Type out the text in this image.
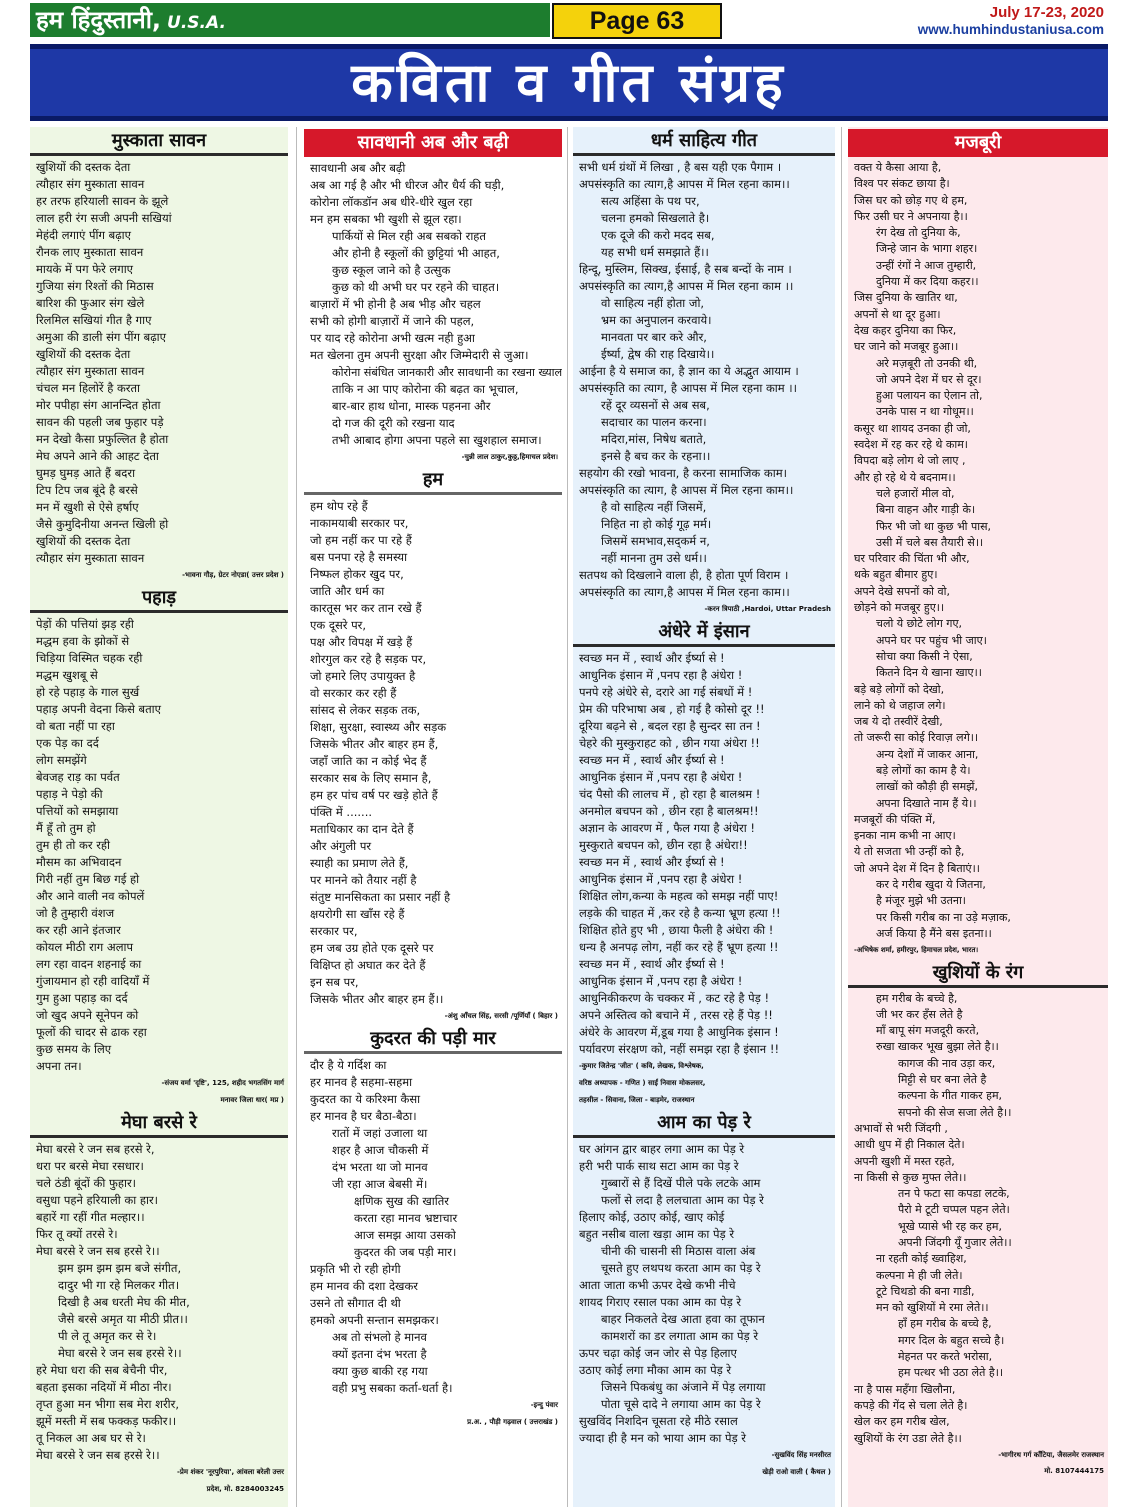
हम हिंदुस्तानी, U.S.A.	Page 63	July 17-23, 2020
www.humhindustaniusa.com
कविता व गीत संग्रह
मुस्काता सावन
खुशियों की दस्तक देता
त्यौहार संग मुस्काता सावन
हर तरफ हरियाली सावन के झूले
लाल हरी रंग सजी अपनी सखियां
मेहंदी लगाएं पींग बढ़ाए
रौनक लाए मुस्काता सावन
मायके में पग फेरे लगाए
गुजिया संग रिश्तों की मिठास
बारिश की फुआर संग खेले
रिलमिल सखियां गीत है गाए
अमुआ की डाली संग पींग बढ़ाए
खुशियों की दस्तक देता
त्यौहार संग मुस्काता सावन
चंचल मन हिलोरें है करता
मोर पपीहा संग आनन्दित होता
सावन की पहली जब फुहार पड़े
मन देखो कैसा प्रफुल्लित है होता
मेघ अपने आने की आहट देता
घुमड़ घुमड़ आते हैं बदरा
टिप टिप जब बूंदे है बरसे
मन में खुशी से ऐसे हर्षाए
जैसे कुमुदिनीया अनन्त खिली हो
खुशियों की दस्तक देता
त्यौहार संग मुस्काता सावन
-भावना गौड़, ग्रेटर नोएडा( उत्तर प्रदेश )
पहाड़
पेड़ों की पत्तियां झड़ रही
मद्धम हवा के झोकों से
चिड़िया विस्मित चहक रही
मद्धम खुशबू से
हो रहे पहाड़ के गाल सुर्ख
पहाड़ अपनी वेदना किसे बताए
वो बता नहीं पा रहा
एक पेड़ का दर्द
लोग समझेंगे
बेवजह राड़ का पर्वत
पहाड़ ने पेड़ो की
पत्तियों को समझाया
मैं हूँ तो तुम हो
तुम ही तो कर रही
मौसम का अभिवादन
गिरी नहीं तुम बिछ गई हो
और आने वाली नव कोपलें
जो है तुम्हारी वंशज
कर रही आने इंतजार
कोयल मीठी राग अलाप
लग रहा वादन शहनाई का
गुंजायमान हो रही वादियाँ में
गुम हुआ पहाड़ का दर्द
जो खुद अपने सूनेपन को
फूलों की चादर से ढाक रहा
कुछ समय के लिए
अपना तन।
-संजय वर्मा 'दृष्टि', 125, शहीद भगतसिंग मार्ग
मनावर जिला धार( मप्र )
मेघा बरसे रे
मेघा बरसे रे जन सब हरसे रे,
धरा पर बरसे मेघा रसधार।
चले ठंडी बूंदों की फुहार।
वसुधा पहने हरियाली का हार।
बहारें गा रहीं गीत मल्हार।।
फिर तू क्यों तरसे रे।
मेघा बरसे रे जन सब हरसे रे।।
झम झम झम झम बजे संगीत,
दादुर भी गा रहे मिलकर गीत।
दिखी है अब धरती मेघ की मीत,
जैसे बरसे अमृत या मीठी प्रीत।।
पी ले तू अमृत कर से रे।
मेघा बरसे रे जन सब हरसे रे।।
हरे मेघा धरा की सब बेचैनी पीर,
बहता इसका नदियों में मीठा नीर।
तृप्त हुआ मन भीगा सब मेरा शरीर,
झूमें मस्ती में सब फक्कड़ फकीर।।
तू निकल आ अब घर से रे।
मेघा बरसे रे जन सब हरसे रे।।
-प्रेम शंकर 'नूरपुरिया', आंवला बरेली उत्तर
प्रदेश, मो. 8284003245
सावधानी अब और बढ़ी
सावधानी अब और बढ़ी
अब आ गई है और भी धीरज और धैर्य की घड़ी,
कोरोना लॉकडॉन अब धीरे-धीरे खुल रहा
मन हम सबका भी खुशी से झूल रहा।
पार्कियों से मिल रही अब सबको राहत
और होनी है स्कूलों की छुट्टियां भी आहत,
कुछ स्कूल जाने को है उत्सुक
कुछ को थी अभी घर पर रहने की चाहत।
बाज़ारों में भी होनी है अब भीड़ और चहल
सभी को होगी बाज़ारों में जाने की पहल,
पर याद रहे कोरोना अभी खत्म नही हुआ
मत खेलना तुम अपनी सुरक्षा और जिम्मेदारी से जुआ।
कोरोना संबंधित जानकारी और सावधानी का रखना ख्याल
ताकि न आ पाए कोरोना की बढ़त का भूचाल,
बार-बार हाथ धोना, मास्क पहनना और
दो गज की दूरी को रखना याद
तभी आबाद होगा अपना पहले सा खुशहाल समाज।
-चुन्नी लाल ठाकुर,कुठ्ठ,हिमाचल प्रदेश।
हम
हम थोप रहे हैं
नाकामयाबी सरकार पर,
जो हम नहीं कर पा रहे हैं
बस पनपा रहे है समस्या
निष्फल होकर खुद पर,
जाति और धर्म का
कारतूस भर कर तान रखे हैं
एक दूसरे पर,
पक्ष और विपक्ष में खड़े हैं
शोरगुल कर रहे है सड़क पर,
जो हमारे लिए उपायुक्त है
वो सरकार कर रही हैं
सांसद से लेकर सड़क तक,
शिक्षा, सुरक्षा, स्वास्थ्य और सड़क
जिसके भीतर और बाहर हम हैं,
जहाँ जाति का न कोई भेद हैं
सरकार सब के लिए समान है,
हम हर पांच वर्ष पर खड़े होते हैं
पंक्ति में .......
मताधिकार का दान देते हैं
और अंगुली पर
स्याही का प्रमाण लेते हैं,
पर मानने को तैयार नहीं है
संतुष्ट मानसिकता का प्रसार नहीं है
क्षयरोगी सा खाँस रहे हैं
सरकार पर,
हम जब उग्र होते एक दूसरे पर
विक्षिप्त हो अघात कर देते हैं
इन सब पर,
जिसके भीतर और बाहर हम हैं।।
-अंशु आँचल सिंह, सरसी /पूर्णियाँ ( बिहार )
कुदरत की पड़ी मार
दौर है ये गर्दिश का
हर मानव है सहमा-सहमा
कुदरत का ये करिश्मा कैसा
हर मानव है घर बैठा-बैठा।
रातों में जहां उजाला था
शहर है आज चौकसी में
दंभ भरता था जो मानव
जी रहा आज बेबसी में।
क्षणिक सुख की खातिर
करता रहा मानव भ्रष्टाचार
आज समझ आया उसको
कुदरत की जब पड़ी मार।
प्रकृति भी रो रही होगी
हम मानव की दशा देखकर
उसने तो सौगात दी थी
हमको अपनी सन्तान समझकर।
अब तो संभलो हे मानव
क्यों इतना दंभ भरता है
क्या कुछ बाकी रह गया
वही प्रभु सबका कर्ता-धर्ता है।
-इन्दु पंवार
प्र.अ. , पौड़ी गढ़वाल ( उत्तराखंड )
धर्म साहित्य गीत
सभी धर्म ग्रंथों में लिखा , है बस यही एक पैगाम ।
अपसंस्कृति का त्याग,है आपस में मिल रहना काम।।
सत्य अहिंसा के पथ पर,
चलना हमको सिखलाते है।
एक दूजे की करो मदद सब,
यह सभी धर्म समझाते हैं।।
हिन्दू, मुस्लिम, सिक्ख, ईसाई, है सब बन्दों के नाम ।
अपसंस्कृति का त्याग,है आपस में मिल रहना काम ।।
वो साहित्य नहीं होता जो,
भ्रम का अनुपालन करवाये।
मानवता पर बार करे और,
ईर्ष्या, द्वेष की राह दिखाये।।
आईना है ये समाज का, है ज्ञान का ये अद्भुत आयाम ।
अपसंस्कृति का त्याग, है आपस में मिल रहना काम ।।
रहें दूर व्यसनों से अब सब,
सदाचार का पालन करना।
मदिरा,मांस, निषेध बताते,
इनसे है बच कर के रहना।।
सहयोग की रखो भावना, है करना सामाजिक काम।
अपसंस्कृति का त्याग, है आपस में मिल रहना काम।।
है वो साहित्य नहीं जिसमें,
निहित ना हो कोई गूढ़ मर्म।
जिसमें समभाव,सद्कर्म न,
नहीं मानना तुम उसे धर्म।।
सतपथ को दिखलाने वाला ही, है होता पूर्ण विराम ।
अपसंस्कृति का त्याग,है आपस में मिल रहना काम।।
-करन त्रिपाठी ,Hardoi, Uttar Pradesh
अंधेरे में इंसान
स्वच्छ मन में , स्वार्थ और ईर्ष्या से !
आधुनिक इंसान में ,पनप रहा है अंधेरा !
पनपे रहे अंधेरे से, दरारे आ गई संबधों में !
प्रेम की परिभाषा अब , हो गई है कोसो दूर !!
दूरिया बढ़ने से , बदल रहा है सुन्दर सा तन !
चेहरे की मुस्कुराहट को , छीन गया अंधेरा !!
स्वच्छ मन में , स्वार्थ और ईर्ष्या से !
आधुनिक इंसान में ,पनप रहा है अंधेरा !
चंद पैसो की लालच में , हो रहा है बालश्रम !
अनमोल बचपन को , छीन रहा है बालश्रम!!
अज्ञान के आवरण में , फैल गया है अंधेरा !
मुस्कुराते बचपन को, छीन रहा है अंधेरा!!
स्वच्छ मन में , स्वार्थ और ईर्ष्या से !
आधुनिक इंसान में ,पनप रहा है अंधेरा !
शिक्षित लोग,कन्या के महत्व को समझ नहीं पाए!
लड़के की चाहत में ,कर रहे है कन्या भ्रूण हत्या !!
शिक्षित होते हुए भी , छाया फैली है अंधेरा की !
धन्य है अनपढ़ लोग, नहीं कर रहे हैं भ्रूण हत्या !!
स्वच्छ मन में , स्वार्थ और ईर्ष्या से !
आधुनिक इंसान में ,पनप रहा है अंधेरा !
आधुनिकीकरण के चक्कर में , कट रहे है पेड़ !
अपने अस्तित्व को बचाने में , तरस रहे हैं पेड़ !!
अंधेरे के आवरण में,डूब गया है आधुनिक इंसान !
पर्यावरण संरक्षण को, नहीं समझ रहा है इंसान !!
-कुमार जितेन्द्र 'जीत' ( कवि, लेखक, विश्लेषक,
वरिष्ठ अध्यापक - गणित ) साईं निवास मोकलसर,
तहसील - सिवाना, जिला - बाड़मेर, राजस्थान
आम का पेड़ रे
घर आंगन द्वार बाहर लगा आम का पेड़ रे
हरी भरी पार्क साथ सटा आम का पेड़ रे
गुब्बारों से हैं दिखें पीले पके लटके आम
फलों से लदा है ललचाता आम का पेड़ रे
हिलाए कोई, उठाए कोई, खाए कोई
बहुत नसीब वाला खड़ा आम का पेड़ रे
चीनी की चासनी सी मिठास वाला अंब
चूसते हुए लथपथ करता आम का पेड़ रे
आता जाता कभी ऊपर देखे कभी नीचे
शायद गिराए रसाल पका आम का पेड़ रे
बाहर निकलते देख आता हवा का तूफान
कामशरों का डर लगाता आम का पेड़ रे
ऊपर चढ़ा कोई जन जोर से पेड़ हिलाए
उठाए कोई लगा मौका आम का पेड़ रे
जिसने पिकबंधु का अंजाने में पेड़ लगाया
पोता चूसे दादे ने लगाया आम का पेड़ रे
सुखविंद निशदिन चूसता रहे मीठे रसाल
ज्यादा ही है मन को भाया आम का पेड़ रे
-सुखविंद सिंह मनसीरत
खेड़ी राओ वाली ( कैथल )
मजबूरी
वक्त ये कैसा आया है,
विश्व पर संकट छाया है।
जिस घर को छोड़ गए थे हम,
फिर उसी घर ने अपनाया है।।
रंग देख तो दुनिया के,
जिन्हे जान के भागा शहर।
उन्हीं रंगों ने आज तुम्हारी,
दुनिया में कर दिया कहर।।
जिस दुनिया के खातिर था,
अपनों से था दूर हुआ।
देख कहर दुनिया का फिर,
घर जाने को मजबूर हुआ।।
अरे मज़बूरी तो उनकी थी,
जो अपने देश में घर से दूर।
हुआ पलायन का ऐलान तो,
उनके पास न था गोधूम।।
कसूर था शायद उनका ही जो,
स्वदेश में रह कर रहे थे काम।
विपदा बड़े लोग थे जो लाए ,
और हो रहे थे ये बदनाम।।
चले हजारों मील वो,
बिना वाहन और गाड़ी के।
फिर भी जो था कुछ भी पास,
उसी में चले बस तैयारी से।।
घर परिवार की चिंता भी और,
थके बहुत बीमार हुए।
अपने देखे सपनों को वो,
छोड़ने को मजबूर हुए।।
चलो ये छोटे लोग गए,
अपने घर पर पहुंच भी जाए।
सोचा क्या किसी ने ऐसा,
कितने दिन ये खाना खाए।।
बड़े बड़े लोगों को देखो,
लाने को थे जहाज लगे।
जब ये दो तस्वीरें देखी,
तो जरूरी सा कोई रिवाज़ लगे।।
अन्य देशों में जाकर आना,
बड़े लोगों का काम है ये।
लाखों को कौड़ी ही समझें,
अपना दिखाते नाम हैं ये।।
मजबूरों की पंक्ति में,
इनका नाम कभी ना आए।
ये तो सजता भी उन्हीं को है,
जो अपने देश में दिन है बिताएं।।
कर दे गरीब खुदा ये जितना,
है मंजूर मुझे भी उतना।
पर किसी गरीब का ना उड़े मज़ाक,
अर्ज किया है मैंने बस इतना।।
-अभिषेक शर्मा, हमीरपुर, हिमाचल प्रदेश, भारत।
खुशियों के रंग
हम गरीब के बच्चे है,
जी भर कर हँस लेते है
माँ बापू संग मजदूरी करते,
रुखा खाकर भूख बुझा लेते है।।
कागज की नाव उड़ा कर,
मिट्टी से घर बना लेते है
कल्पना के गीत गाकर हम,
सपनो की सेज सजा लेते है।।
अभावों से भरी जिंदगी ,
आधी धुप में ही निकाल देते।
अपनी खुशी में मस्त रहते,
ना किसी से कुछ मुफ्त लेते।।
तन पे फटा सा कपडा लटके,
पैरो मे टूटी चप्पल पहन लेते।
भूखे प्यासे भी रह कर हम,
अपनी जिंदगी यूँ गुजार लेते।।
ना रहती कोई ख्वाहिश,
कल्पना मे ही जी लेते।
टूटे चिथडो की बना गाडी,
मन को खुशियों मे रमा लेते।।
हाँ हम गरीब के बच्चे है,
मगर दिल के बहुत सच्चे है।
मेहनत पर करते भरोसा,
हम पत्थर भी उठा लेते है।।
ना है पास महँगा खिलौना,
कपड़े की गेंद से चला लेते है।
खेल कर हम गरीब खेल,
खुशियों के रंग उडा लेते है।।
-भागीरथ गर्ग काँटिया, जैसलमेर राजस्थान
मो. 8107444175
